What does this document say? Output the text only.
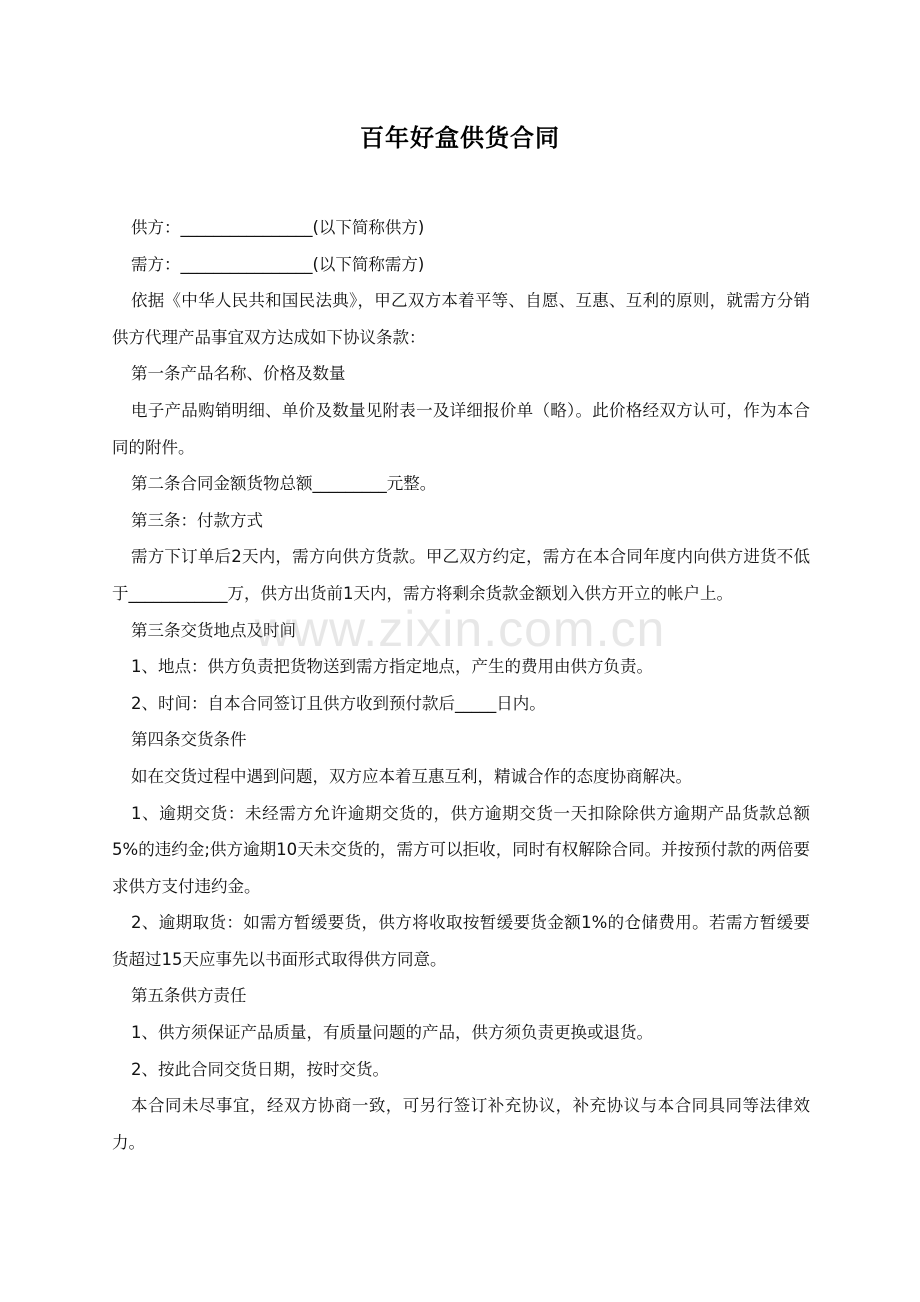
百年好盒供货合同

供方：________________(以下简称供方)

需方：________________(以下简称需方)

依据《中华人民共和国民法典》，甲乙双方本着平等、自愿、互惠、互利的原则，就需方分销供方代理产品事宜双方达成如下协议条款：

第一条产品名称、价格及数量

电子产品购销明细、单价及数量见附表一及详细报价单（略）。此价格经双方认可，作为本合同的附件。

第二条合同金额货物总额_________元整。

第三条：付款方式

需方下订单后2天内，需方向供方货款。甲乙双方约定，需方在本合同年度内向供方进货不低于____________万，供方出货前1天内，需方将剩余货款金额划入供方开立的帐户上。

第三条交货地点及时间

1、地点：供方负责把货物送到需方指定地点，产生的费用由供方负责。

2、时间：自本合同签订且供方收到预付款后_____日内。

第四条交货条件

如在交货过程中遇到问题，双方应本着互惠互利，精诚合作的态度协商解决。

1、逾期交货：未经需方允许逾期交货的，供方逾期交货一天扣除除供方逾期产品货款总额5%的违约金;供方逾期10天未交货的，需方可以拒收，同时有权解除合同。并按预付款的两倍要求供方支付违约金。

2、逾期取货：如需方暂缓要货，供方将收取按暂缓要货金额1%的仓储费用。若需方暂缓要货超过15天应事先以书面形式取得供方同意。

第五条供方责任

1、供方须保证产品质量，有质量问题的产品，供方须负责更换或退货。

2、按此合同交货日期，按时交货。

本合同未尽事宜，经双方协商一致，可另行签订补充协议，补充协议与本合同具同等法律效力。

www.zixin.com.cn
